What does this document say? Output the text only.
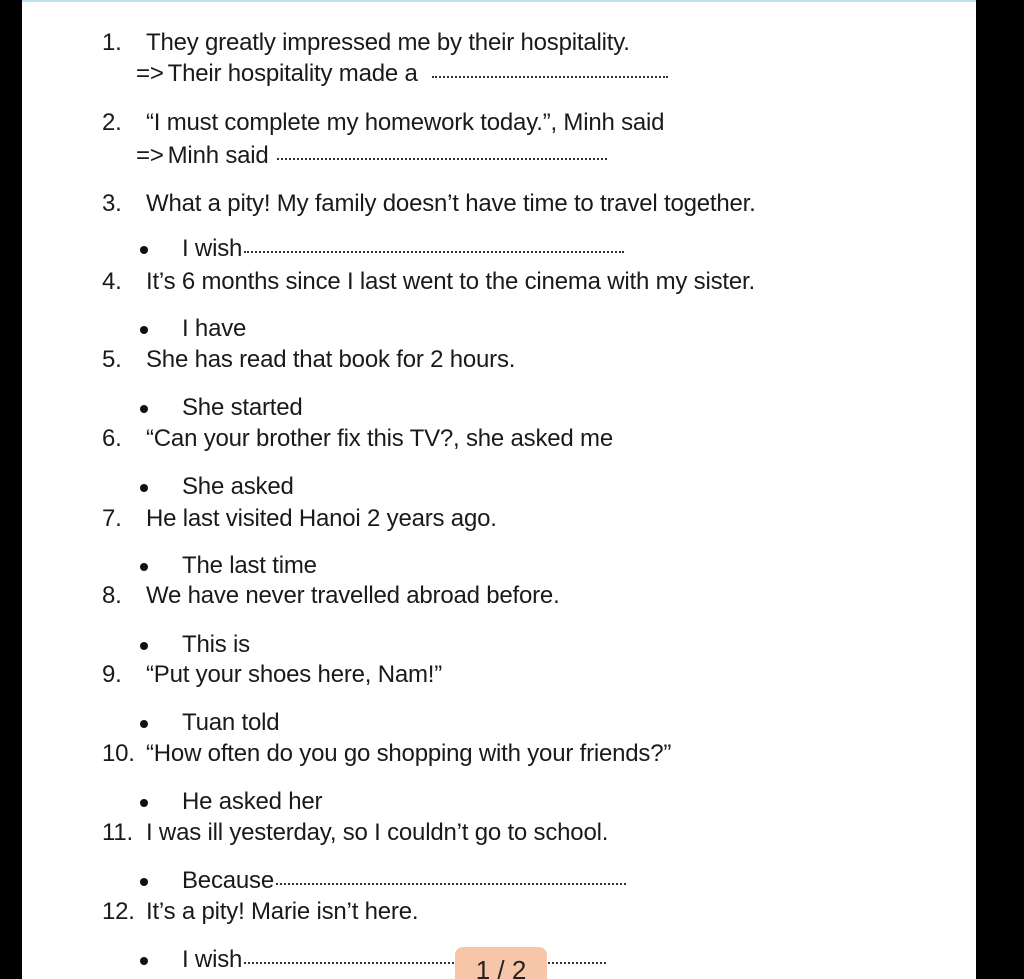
1. They greatly impressed me by their hospitality.
=> Their hospitality made a
2. “I must complete my homework today.”, Minh said
=> Minh said
3. What a pity! My family doesn’t have time to travel together.
I wish
4. It’s 6 months since I last went to the cinema with my sister.
I have
5. She has read that book for 2 hours.
She started
6. “Can your brother fix this TV?, she asked me
She asked
7. He last visited Hanoi 2 years ago.
The last time
8. We have never travelled abroad before.
This is
9. “Put your shoes here, Nam!”
Tuan told
10. “How often do you go shopping with your friends?”
He asked her
11. I was ill yesterday, so I couldn’t go to school.
Because
12. It’s a pity! Marie isn’t here.
I wish	1 / 2
